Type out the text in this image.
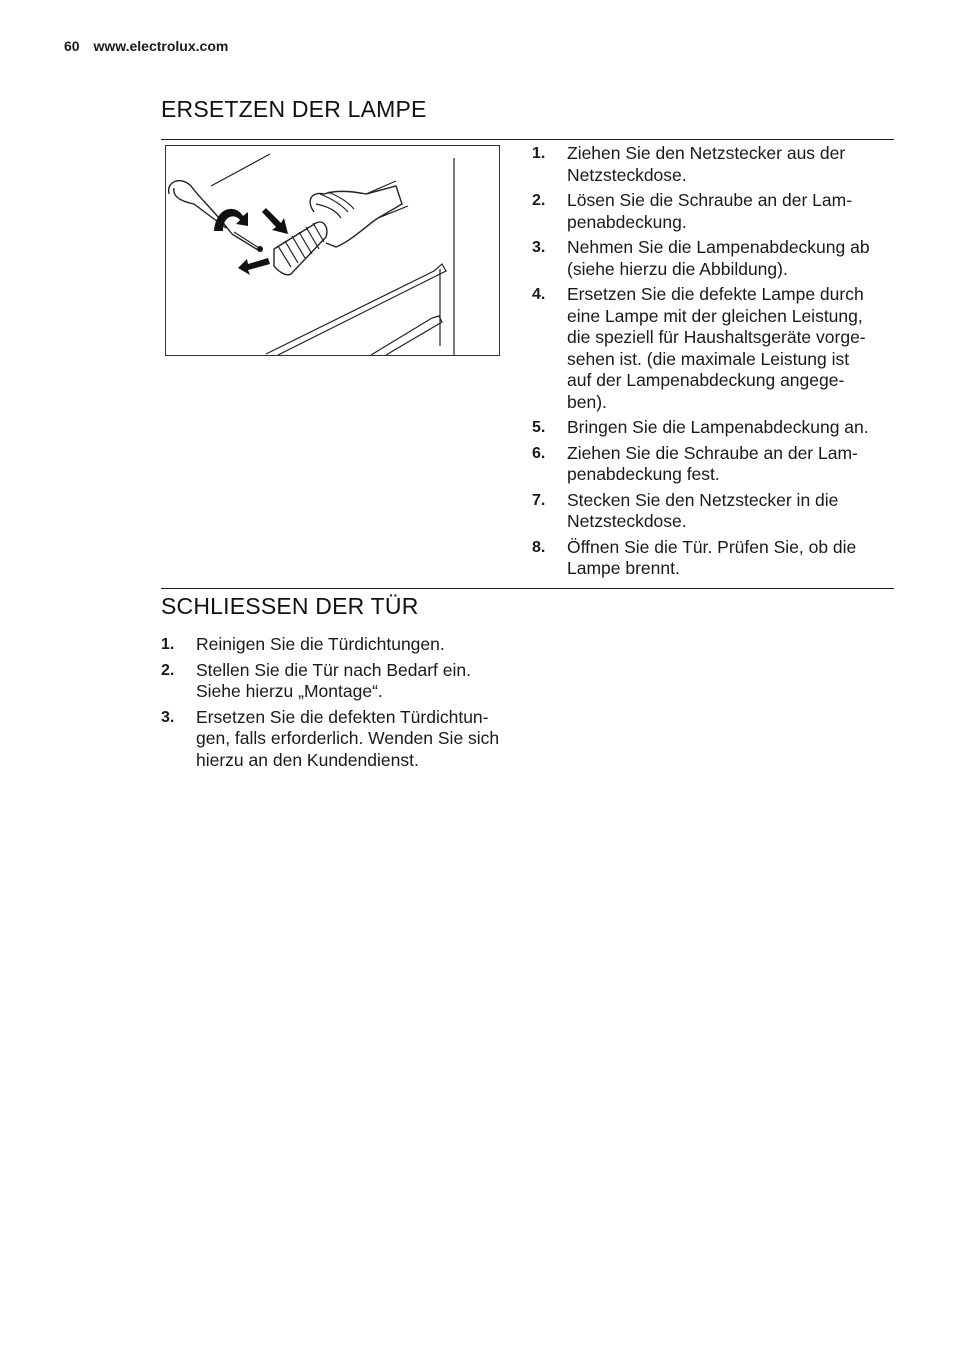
60 www.electrolux.com
ERSETZEN DER LAMPE
1. Ziehen Sie den Netzstecker aus der
Netzsteckdose.
2. Lösen Sie die Schraube an der Lam-
penabdeckung.
3. Nehmen Sie die Lampenabdeckung ab
(siehe hierzu die Abbildung).
4. Ersetzen Sie die defekte Lampe durch
eine Lampe mit der gleichen Leistung,
die speziell für Haushaltsgeräte vorge-
sehen ist. (die maximale Leistung ist
auf der Lampenabdeckung angege-
ben).
5. Bringen Sie die Lampenabdeckung an.
6. Ziehen Sie die Schraube an der Lam-
penabdeckung fest.
7. Stecken Sie den Netzstecker in die
Netzsteckdose.
8. Öffnen Sie die Tür. Prüfen Sie, ob die
Lampe brennt.
SCHLIESSEN DER TÜR
1. Reinigen Sie die Türdichtungen.
2. Stellen Sie die Tür nach Bedarf ein.
Siehe hierzu „Montage“.
3. Ersetzen Sie die defekten Türdichtun-
gen, falls erforderlich. Wenden Sie sich
hierzu an den Kundendienst.
